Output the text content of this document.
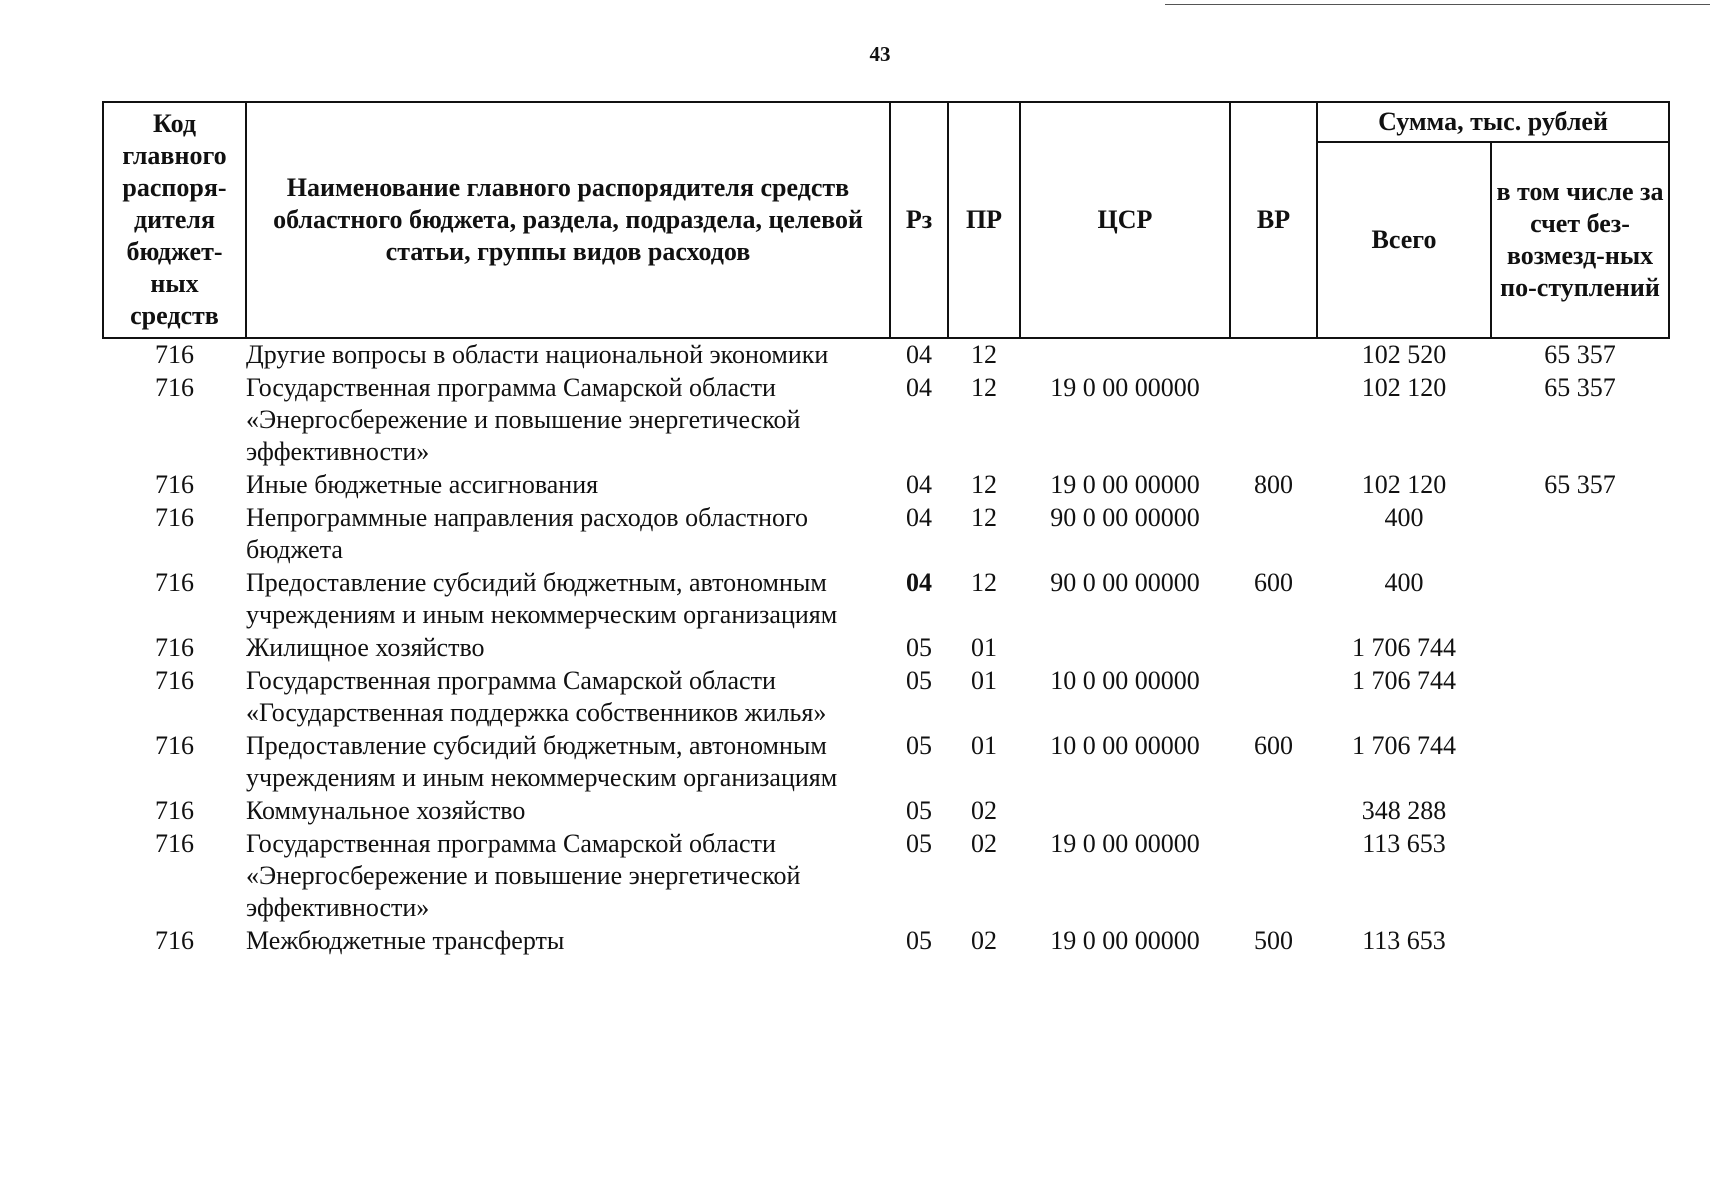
43
Код главного распоря-дителя бюджет-ных средств	Наименование главного распорядителя средств областного бюджета, раздела, подраздела, целевой статьи, группы видов расходов	Рз	ПР	ЦСР	ВР	Сумма, тыс. рублей	
						Всего	в том числе за счет без-возмезд-ных по-ступлений
716	Другие вопросы в области национальной экономики	04	12			102 520	65 357
716	Государственная программа Самарской области «Энергосбережение и повышение энергетической эффективности»	04	12	19 0 00 00000		102 120	65 357
716	Иные бюджетные ассигнования	04	12	19 0 00 00000	800	102 120	65 357
716	Непрограммные направления расходов областного бюджета	04	12	90 0 00 00000		400	
716	Предоставление субсидий бюджетным, автономным учреждениям и иным некоммерческим организациям	04	12	90 0 00 00000	600	400	
716	Жилищное хозяйство	05	01			1 706 744	
716	Государственная программа Самарской области «Государственная поддержка собственников жилья»	05	01	10 0 00 00000		1 706 744	
716	Предоставление субсидий бюджетным, автономным учреждениям и иным некоммерческим организациям	05	01	10 0 00 00000	600	1 706 744	
716	Коммунальное хозяйство	05	02			348 288	
716	Государственная программа Самарской области «Энергосбережение и повышение энергетической эффективности»	05	02	19 0 00 00000		113 653	
716	Межбюджетные трансферты	05	02	19 0 00 00000	500	113 653	
